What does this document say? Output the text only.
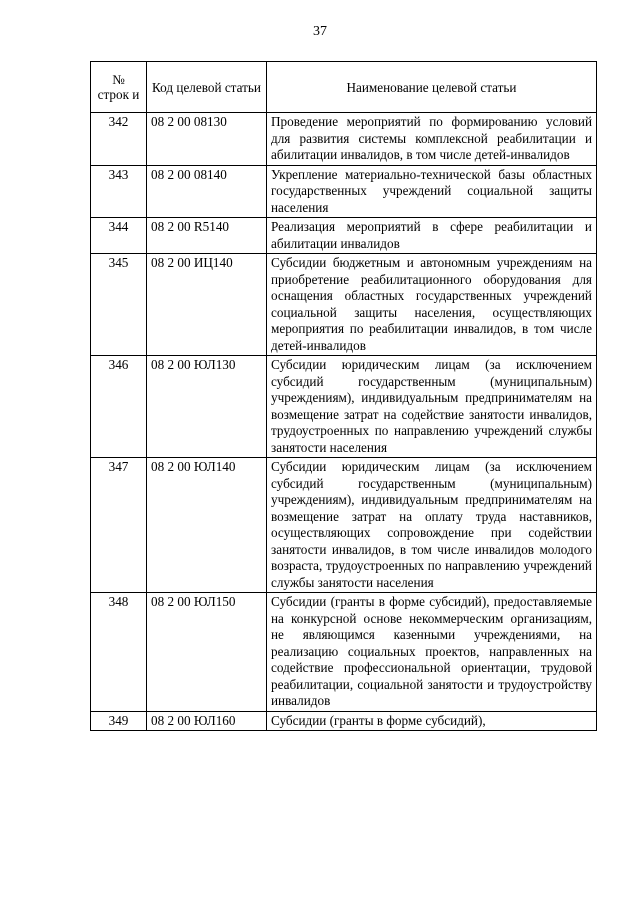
37
№ строк и	Код целевой статьи	Наименование целевой статьи
342	08 2 00 08130	Проведение мероприятий по формированию условий для развития системы комплексной реабилитации и абилитации инвалидов, в том числе детей-инвалидов
343	08 2 00 08140	Укрепление материально-технической базы областных государственных учреждений социальной защиты населения
344	08 2 00 R5140	Реализация мероприятий в сфере реабилитации и абилитации инвалидов
345	08 2 00 ИЦ140	Субсидии бюджетным и автономным учреждениям на приобретение реабилитационного оборудования для оснащения областных государственных учреждений социальной защиты населения, осуществляющих мероприятия по реабилитации инвалидов, в том числе детей-инвалидов
346	08 2 00 ЮЛ130	Субсидии юридическим лицам (за исключением субсидий государственным (муниципальным) учреждениям), индивидуальным предпринимателям на возмещение затрат на содействие занятости инвалидов, трудоустроенных по направлению учреждений службы занятости населения
347	08 2 00 ЮЛ140	Субсидии юридическим лицам (за исключением субсидий государственным (муниципальным) учреждениям), индивидуальным предпринимателям на возмещение затрат на оплату труда наставников, осуществляющих сопровождение при содействии занятости инвалидов, в том числе инвалидов молодого возраста, трудоустроенных по направлению учреждений службы занятости населения
348	08 2 00 ЮЛ150	Субсидии (гранты в форме субсидий), предоставляемые на конкурсной основе некоммерческим организациям, не являющимся казенными учреждениями, на реализацию социальных проектов, направленных на содействие профессиональной ориентации, трудовой реабилитации, социальной занятости и трудоустройству инвалидов
349	08 2 00 ЮЛ160	Субсидии (гранты в форме субсидий),
